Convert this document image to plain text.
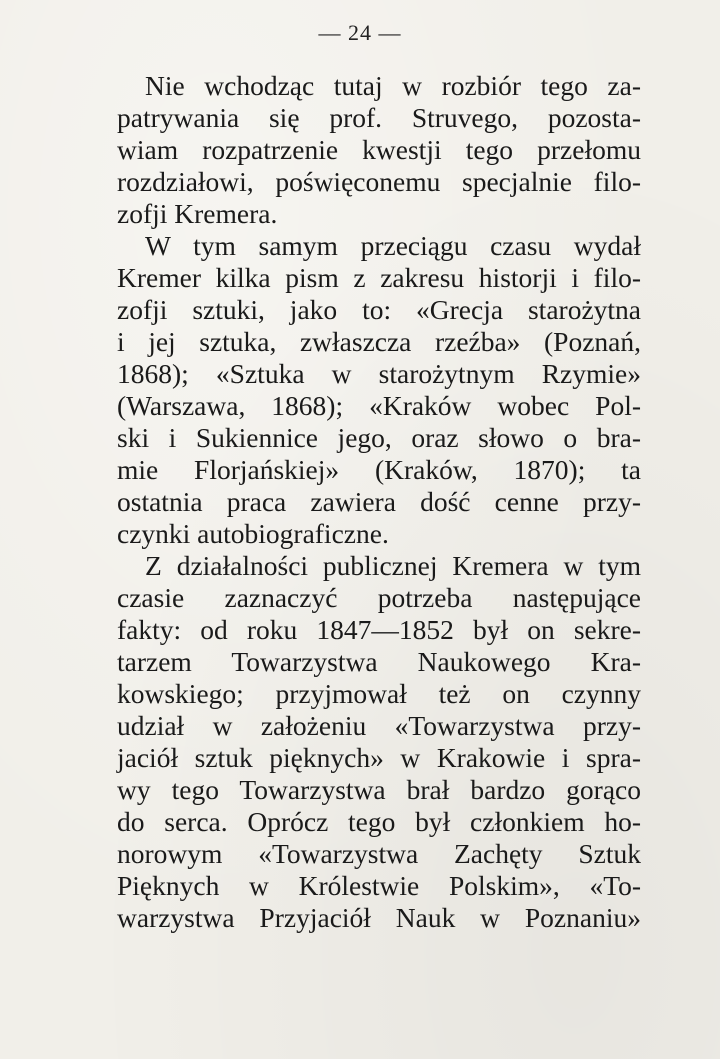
— 24 —
Nie wchodząc tutaj w rozbiór tego za-
patrywania się prof. Struvego, pozosta-
wiam rozpatrzenie kwestji tego przełomu
rozdziałowi, poświęconemu specjalnie filo-
zofji Kremera.
W tym samym przeciągu czasu wydał
Kremer kilka pism z zakresu historji i filo-
zofji sztuki, jako to: «Grecja starożytna
i jej sztuka, zwłaszcza rzeźba» (Poznań,
1868); «Sztuka w starożytnym Rzymie»
(Warszawa, 1868); «Kraków wobec Pol-
ski i Sukiennice jego, oraz słowo o bra-
mie Florjańskiej» (Kraków, 1870); ta
ostatnia praca zawiera dość cenne przy-
czynki autobiograficzne.
Z działalności publicznej Kremera w tym
czasie zaznaczyć potrzeba następujące
fakty: od roku 1847—1852 był on sekre-
tarzem Towarzystwa Naukowego Kra-
kowskiego; przyjmował też on czynny
udział w założeniu «Towarzystwa przy-
jaciół sztuk pięknych» w Krakowie i spra-
wy tego Towarzystwa brał bardzo gorąco
do serca. Oprócz tego był członkiem ho-
norowym «Towarzystwa Zachęty Sztuk
Pięknych w Królestwie Polskim», «To-
warzystwa Przyjaciół Nauk w Poznaniu»
